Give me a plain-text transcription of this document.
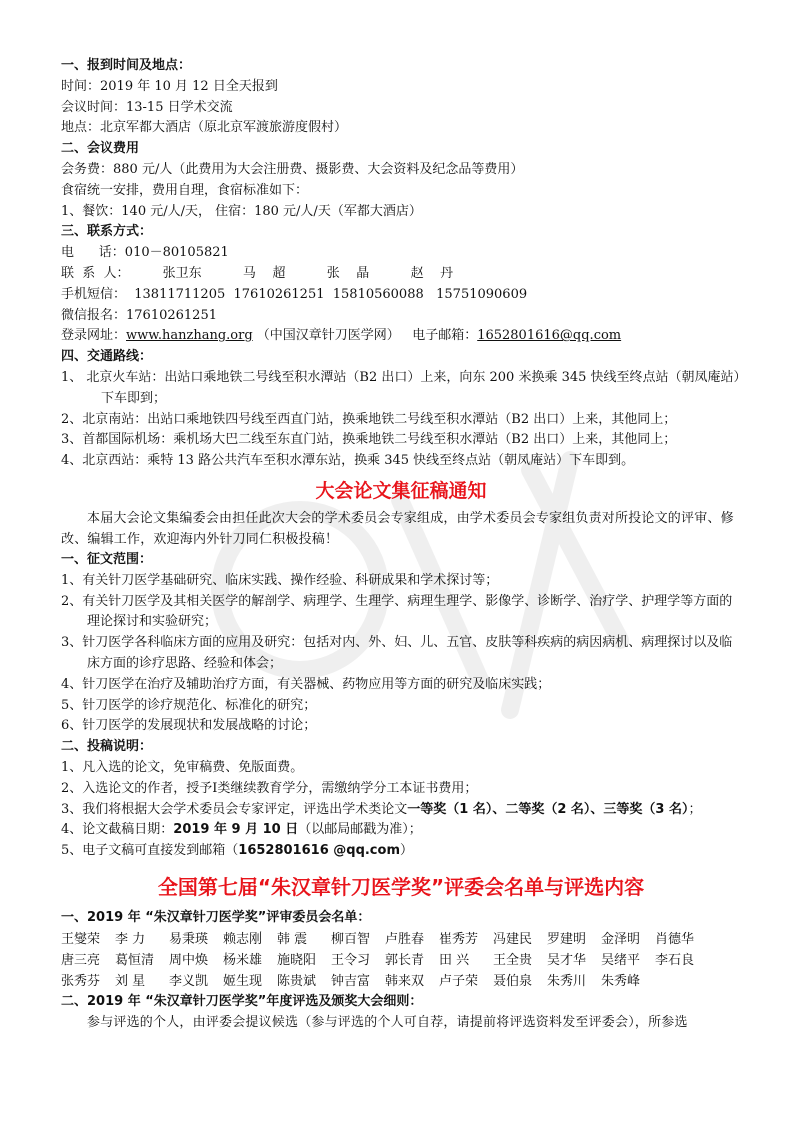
一、报到时间及地点：
时间：2019 年 10 月 12 日全天报到
会议时间：13-15 日学术交流
地点：北京军都大酒店（原北京军渡旅游度假村）
二、会议费用
会务费：880 元/人（此费用为大会注册费、摄影费、大会资料及纪念品等费用）
食宿统一安排，费用自理，食宿标准如下：
1、餐饮：140 元/人/天， 住宿：180 元/人/天（军都大酒店）
三、联系方式：
电      话：010－80105821
联  系  人：        张卫东          马    超          张    晶          赵    丹
手机短信：  13811711205  17610261251  15810560088   15751090609
微信报名：17610261251
登录网址：www.hanzhang.org （中国汉章针刀医学网）   电子邮箱：1652801616@qq.com
四、交通路线：
1、 北京火车站：出站口乘地铁二号线至积水潭站（B2 出口）上来，向东 200 米换乘 345 快线至终点站（朝凤庵站）下车即到；
2、北京南站：出站口乘地铁四号线至西直门站，换乘地铁二号线至积水潭站（B2 出口）上来，其他同上；
3、首都国际机场：乘机场大巴二线至东直门站，换乘地铁二号线至积水潭站（B2 出口）上来，其他同上；
4、北京西站：乘特 13 路公共汽车至积水潭东站，换乘 345 快线至终点站（朝凤庵站）下车即到。
大会论文集征稿通知
本届大会论文集编委会由担任此次大会的学术委员会专家组成，由学术委员会专家组负责对所投论文的评审、修改、编辑工作，欢迎海内外针刀同仁积极投稿！
一、征文范围：
1、有关针刀医学基础研究、临床实践、操作经验、科研成果和学术探讨等；
2、有关针刀医学及其相关医学的解剖学、病理学、生理学、病理生理学、影像学、诊断学、治疗学、护理学等方面的理论探讨和实验研究；
3、针刀医学各科临床方面的应用及研究：包括对内、外、妇、儿、五官、皮肤等科疾病的病因病机、病理探讨以及临床方面的诊疗思路、经验和体会；
4、针刀医学在治疗及辅助治疗方面，有关器械、药物应用等方面的研究及临床实践；
5、针刀医学的诊疗规范化、标准化的研究；
6、针刀医学的发展现状和发展战略的讨论；
二、投稿说明：
1、凡入选的论文，免审稿费、免版面费。
2、入选论文的作者，授予Ⅰ类继续教育学分，需缴纳学分工本证书费用；
3、我们将根据大会学术委员会专家评定，评选出学术类论文一等奖（1 名）、二等奖（2 名）、三等奖（3 名）；
4、论文截稿日期：2019 年 9 月 10 日（以邮局邮戳为准）；
5、电子文稿可直接发到邮箱（1652801616 @qq.com）
全国第七届“朱汉章针刀医学奖”评委会名单与评选内容
一、2019 年 “朱汉章针刀医学奖”评审委员会名单：
王燮荣 李 力 易秉瑛 赖志刚 韩 震 柳百智 卢胜春 崔秀芳 冯建民 罗建明 金泽明 肖德华
唐三亮 葛恒清 周中焕 杨米雄 施晓阳 王令习 郭长青 田 兴 王全贵 吴才华 吴绪平 李石良
张秀芬 刘 星 李义凯 姬生现 陈贵斌 钟吉富 韩来双 卢子荣 聂伯泉 朱秀川 朱秀峰
二、2019 年 “朱汉章针刀医学奖”年度评选及颁奖大会细则：
参与评选的个人，由评委会提议候选（参与评选的个人可自荐，请提前将评选资料发至评委会），所参选
